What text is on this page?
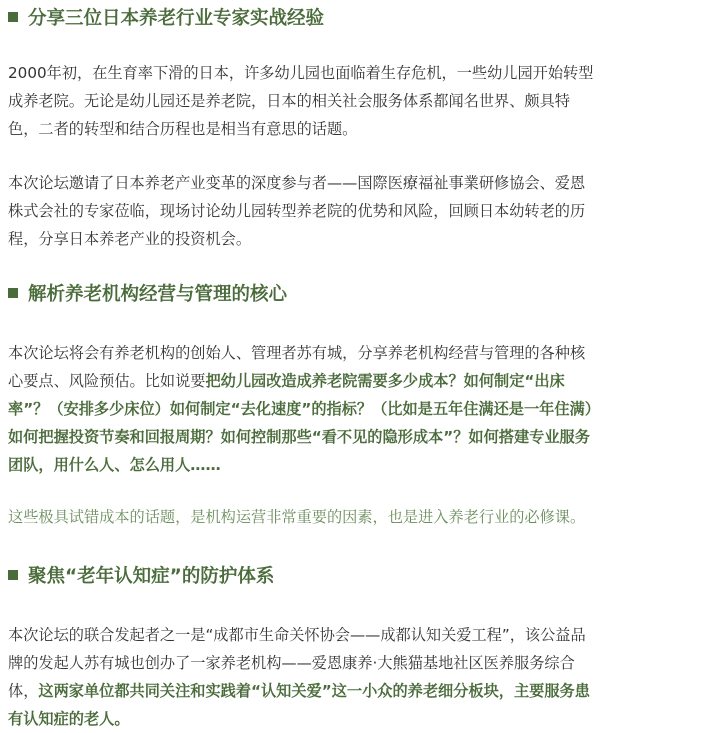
分享三位日本养老行业专家实战经验
2000年初，在生育率下滑的日本，许多幼儿园也面临着生存危机，一些幼儿园开始转型
成养老院。无论是幼儿园还是养老院，日本的相关社会服务体系都闻名世界、颇具特
色，二者的转型和结合历程也是相当有意思的话题。
本次论坛邀请了日本养老产业变革的深度参与者——国際医療福祉事業研修協会、爱恩
株式会社的专家莅临，现场讨论幼儿园转型养老院的优势和风险，回顾日本幼转老的历
程，分享日本养老产业的投资机会。
解析养老机构经营与管理的核心
本次论坛将会有养老机构的创始人、管理者苏有城，分享养老机构经营与管理的各种核
心要点、风险预估。比如说要把幼儿园改造成养老院需要多少成本？如何制定“出床
率”？（安排多少床位）如何制定“去化速度”的指标？（比如是五年住满还是一年住满）
如何把握投资节奏和回报周期？如何控制那些“看不见的隐形成本”？如何搭建专业服务
团队，用什么人、怎么用人……
这些极具试错成本的话题，是机构运营非常重要的因素，也是进入养老行业的必修课。
聚焦“老年认知症”的防护体系
本次论坛的联合发起者之一是“成都市生命关怀协会——成都认知关爱工程”，该公益品
牌的发起人苏有城也创办了一家养老机构——爱恩康养·大熊猫基地社区医养服务综合
体，这两家单位都共同关注和实践着“认知关爱”这一小众的养老细分板块，主要服务患
有认知症的老人。
